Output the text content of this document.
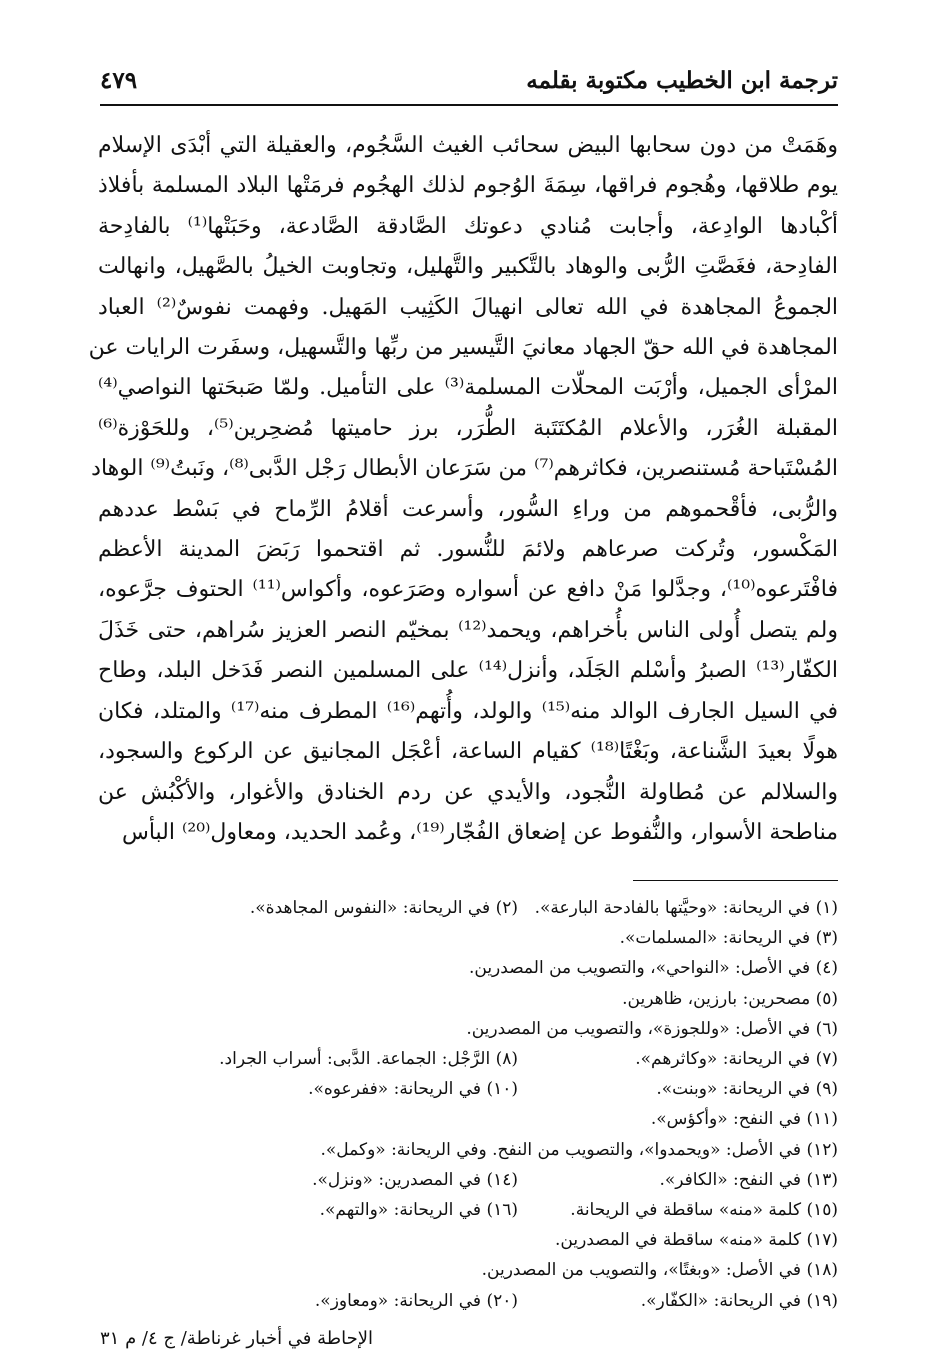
ترجمة ابن الخطيب مكتوبة بقلمه
٤٧٩
وهَمَتْ من دون سحابها البيض سحائب الغيث السَّجُوم، والعقيلة التي أبْدَى الإسلام
يوم طلاقها، وهُجوم فراقها، سِمَةَ الوُجوم لذلك الهجُوم فرمَتْها البلاد المسلمة بأفلاذ
أكْبادها الوادِعة، وأجابت مُنادي دعوتك الصَّادقة الصَّادعة، وحَبَتْها⁽¹⁾ بالفادِحة
الفادِحة، فغَصَّتِ الرُّبى والوهاد بالتَّكبير والتَّهليل، وتجاوبت الخيلُ بالصَّهيل، وانهالت
الجموعُ المجاهدة في الله تعالى انهيالَ الكَثِيب المَهيل. وفهمت نفوسٌ⁽²⁾ العباد
المجاهدة في الله حقّ الجهاد معانيَ التَّيسير من ربِّها والتَّسهيل، وسفَرت الرايات عن
المرْأى الجميل، وأرْبَت المحلّات المسلمة⁽³⁾ على التأميل. ولمّا صَبحَتها النواصي⁽⁴⁾
المقبلة الغُرَر، والأعلام المُكتَتَبة الطُّرَر، برز حاميتها مُضحِرين⁽⁵⁾، وللحَوْزة⁽⁶⁾
المُسْتَباحة مُستنصرين، فكاثرهم⁽⁷⁾ من سَرَعان الأبطال رَجْل الدَّبى⁽⁸⁾، ونَبتُ⁽⁹⁾ الوهاد
والرُّبى، فأقْحموهم من وراءِ السُّور، وأسرعت أقلامُ الرِّماح في بَسْط عددهم
المَكْسور، وتُركت صرعاهم ولائمَ للنُّسور. ثم اقتحموا رَبَضَ المدينة الأعظم
فافْتَرعوه⁽¹⁰⁾، وجدَّلوا مَنْ دافع عن أسواره وصَرَعوه، وأكواس⁽¹¹⁾ الحتوف جرَّعوه،
ولم يتصل أُولى الناس بأُخراهم، ويحمد⁽¹²⁾ بمخيّم النصر العزيز سُراهم، حتى خَذَلَ
الكفّار⁽¹³⁾ الصبرُ وأسْلم الجَلَد، وأنزل⁽¹⁴⁾ على المسلمين النصر فَدَخل البلد، وطاح
في السيل الجارف الوالد منه⁽¹⁵⁾ والولد، وأُتهم⁽¹⁶⁾ المطرف منه⁽¹⁷⁾ والمتلد، فكان
هولًا بعيدَ الشَّناعة، وبَغْتًا⁽¹⁸⁾ كقيام الساعة، أعْجَل المجانيق عن الركوع والسجود،
والسلالم عن مُطاولة النُّجود، والأيدي عن ردم الخنادق والأغوار، والأكْبُش عن
مناطحة الأسوار، والنُّفوط عن إضعاق الفُجّار⁽¹⁹⁾، وعُمد الحديد، ومعاول⁽²⁰⁾ البأس
(١) في الريحانة: «وحيَّتها بالفادحة البارعة».
(٢) في الريحانة: «النفوس المجاهدة».
(٣) في الريحانة: «المسلمات».
(٤) في الأصل: «النواحي»، والتصويب من المصدرين.
(٥) مصحرين: بارزين، ظاهرين.
(٦) في الأصل: «وللجوزة»، والتصويب من المصدرين.
(٧) في الريحانة: «وكاثرهم».
(٨) الرَّجْل: الجماعة. الدَّبى: أسراب الجراد.
(٩) في الريحانة: «وبنت».
(١٠) في الريحانة: «ففرعوه».
(١١) في النفح: «وأكؤس».
(١٢) في الأصل: «ويحمدوا»، والتصويب من النفح. وفي الريحانة: «وكمل».
(١٣) في النفح: «الكافر».
(١٤) في المصدرين: «ونزل».
(١٥) كلمة «منه» ساقطة في الريحانة.
(١٦) في الريحانة: «والتهم».
(١٧) كلمة «منه» ساقطة في المصدرين.
(١٨) في الأصل: «وبغتًا»، والتصويب من المصدرين.
(١٩) في الريحانة: «الكفّار».
(٢٠) في الريحانة: «ومعاوز».
الإحاطة في أخبار غرناطة/ ج ٤/ م ٣١
